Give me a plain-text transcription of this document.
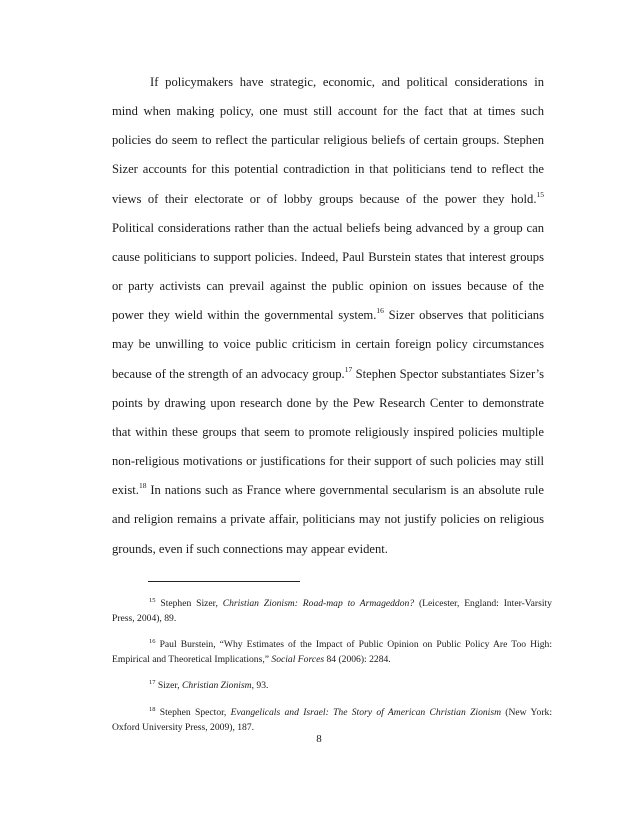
If policymakers have strategic, economic, and political considerations in mind when making policy, one must still account for the fact that at times such policies do seem to reflect the particular religious beliefs of certain groups. Stephen Sizer accounts for this potential contradiction in that politicians tend to reflect the views of their electorate or of lobby groups because of the power they hold.$^{15}$ Political considerations rather than the actual beliefs being advanced by a group can cause politicians to support policies. Indeed, Paul Burstein states that interest groups or party activists can prevail against the public opinion on issues because of the power they wield within the governmental system.$^{16}$ Sizer observes that politicians may be unwilling to voice public criticism in certain foreign policy circumstances because of the strength of an advocacy group.$^{17}$ Stephen Spector substantiates Sizer’s points by drawing upon research done by the Pew Research Center to demonstrate that within these groups that seem to promote religiously inspired policies multiple non-religious motivations or justifications for their support of such policies may still exist.$^{18}$ In nations such as France where governmental secularism is an absolute rule and religion remains a private affair, politicians may not justify policies on religious grounds, even if such connections may appear evident.

$^{15}$ Stephen Sizer, Christian Zionism: Road-map to Armageddon? (Leicester, England: Inter-Varsity Press, 2004), 89.

$^{16}$ Paul Burstein, “Why Estimates of the Impact of Public Opinion on Public Policy Are Too High: Empirical and Theoretical Implications,” Social Forces 84 (2006): 2284.

$^{17}$ Sizer, Christian Zionism, 93.

$^{18}$ Stephen Spector, Evangelicals and Israel: The Story of American Christian Zionism (New York: Oxford University Press, 2009), 187.

8
